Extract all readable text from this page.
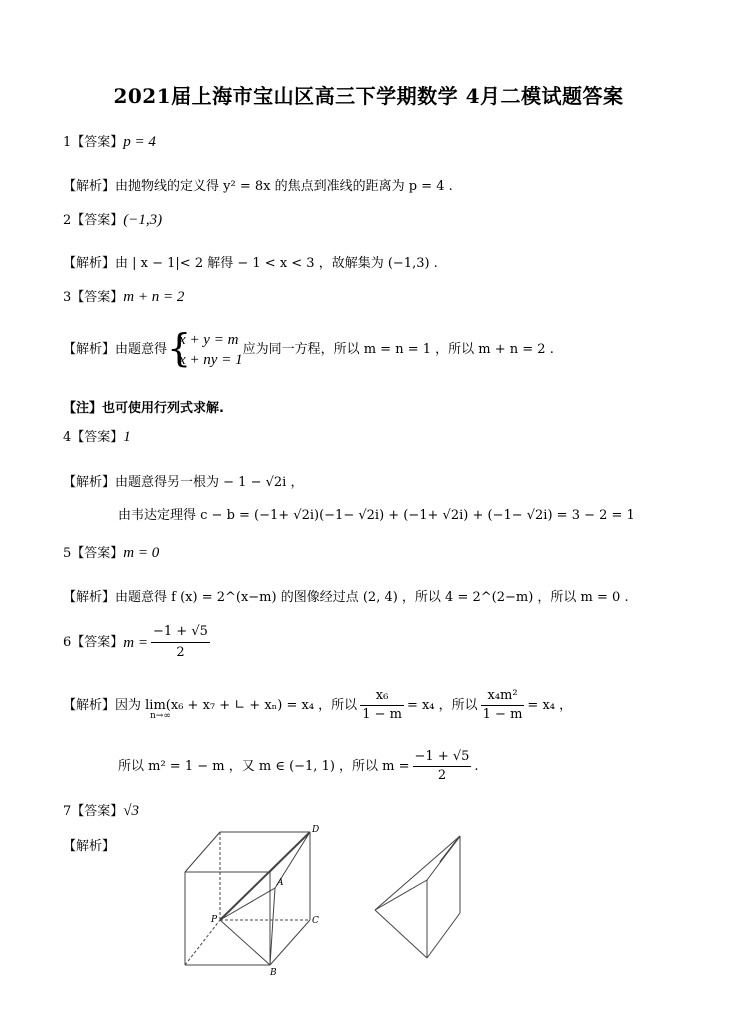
2021届上海市宝山区高三下学期数学 4月二模试题答案
1【答案】p = 4
【解析】由抛物线的定义得 y² = 8x 的焦点到准线的距离为 p = 4 .
2【答案】(−1,3)
【解析】由 | x − 1|< 2 解得 − 1 < x < 3 ，故解集为 (−1,3) .
3【答案】m + n = 2
【解析】 由题意得 {
x + y = m
x + ny = 1
应为同一方程，所以 m = n = 1 ，所以 m + n = 2 .
【注】也可使用行列式求解.
4【答案】1
【解析】由题意得另一根为 − 1 − √2i ，
由韦达定理得 c − b = (−1+ √2i)(−1− √2i) + (−1+ √2i) + (−1− √2i) = 3 − 2 = 1
5【答案】m = 0
【解析】由题意得 f (x) = 2^(x−m) 的图像经过点 (2, 4) ，所以 4 = 2^(2−m) ，所以 m = 0 .
6 【答案】 $m = \frac{-1 + √5}{2}$
【解析】 因为 lim(x₆ + x₇ + ∟ + xₙ) = x₄ ，所以 $\frac{\text{x₆}}{1 - m} = x_4$ ，所以 $\frac{\text{x₄m²}}{1 - m} = x_4$ ，
n→∞
所以 m² = 1 − m ，又 m ∈ (−1, 1) ，所以 $m = \frac{-1 + √5}{2}$ .
7【答案】√3
【解析】
D
A
P	C
B
